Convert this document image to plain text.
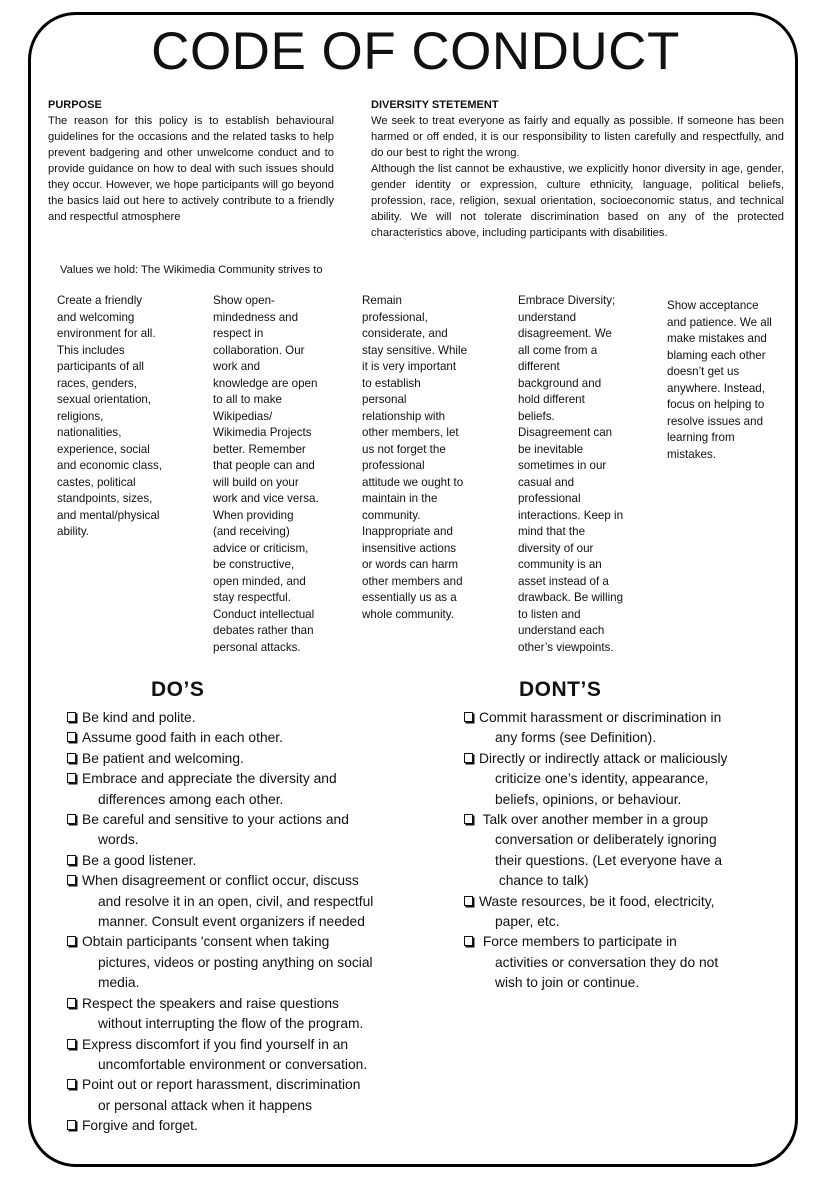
CODE OF CONDUCT
PURPOSE
The reason for this policy is to establish behavioural guidelines for the occasions and the related tasks to help prevent badgering and other unwelcome conduct and to provide guidance on how to deal with such issues should they occur. However, we hope participants will go beyond the basics laid out here to actively contribute to a friendly and respectful atmosphere
DIVERSITY STETEMENT

We seek to treat everyone as fairly and equally as possible. If someone has been harmed or off ended, it is our responsibility to listen carefully and respectfully, and do our best to right the wrong.

Although the list cannot be exhaustive, we explicitly honor diversity in age, gender, gender identity or expression, culture ethnicity, language, political beliefs, profession, race, religion, sexual orientation, socioeconomic status, and technical ability. We will not tolerate discrimination based on any of the protected characteristics above, including participants with disabilities.

Values we hold: The Wikimedia Community strives to
Create a friendly
and welcoming
environment for all.
This includes
participants of all
races, genders,
sexual orientation,
religions,
nationalities,
experience, social
and economic class,
castes, political
standpoints, sizes,
and mental/physical
ability.
Show open-
mindedness and
respect in
collaboration. Our
work and
knowledge are open
to all to make
Wikipedias/
Wikimedia Projects
better. Remember
that people can and
will build on your
work and vice versa.
When providing
(and receiving)
advice or criticism,
be constructive,
open minded, and
stay respectful.
Conduct intellectual
debates rather than
personal attacks.
Remain
professional,
considerate, and
stay sensitive. While
it is very important
to establish
personal
relationship with
other members, let
us not forget the
professional
attitude we ought to
maintain in the
community.
Inappropriate and
insensitive actions
or words can harm
other members and
essentially us as a
whole community.
Embrace Diversity;
understand
disagreement. We
all come from a
different
background and
hold different
beliefs.
Disagreement can
be inevitable
sometimes in our
casual and
professional
interactions. Keep in
mind that the
diversity of our
community is an
asset instead of a
drawback. Be willing
to listen and
understand each
other’s viewpoints.
Show acceptance
and patience. We all
make mistakes and
blaming each other
doesn’t get us
anywhere. Instead,
focus on helping to
resolve issues and
learning from
mistakes.
DO’S	DONT’S
Be kind and polite.
Assume good faith in each other.
Be patient and welcoming.
Embrace and appreciate the diversity and
differences among each other.
Be careful and sensitive to your actions and
words.
Be a good listener.
When disagreement or conflict occur, discuss
and resolve it in an open, civil, and respectful
manner. Consult event organizers if needed
Obtain participants 'consent when taking
pictures, videos or posting anything on social
media.
Respect the speakers and raise questions
without interrupting the flow of the program.
Express discomfort if you find yourself in an
uncomfortable environment or conversation.
Point out or report harassment, discrimination
or personal attack when it happens
Forgive and forget.
Commit harassment or discrimination in
any forms (see Definition).
Directly or indirectly attack or maliciously
criticize one’s identity, appearance,
beliefs, opinions, or behaviour.
Talk over another member in a group
conversation or deliberately ignoring
their questions. (Let everyone have a
chance to talk)
Waste resources, be it food, electricity,
paper, etc.
Force members to participate in
activities or conversation they do not
wish to join or continue.
